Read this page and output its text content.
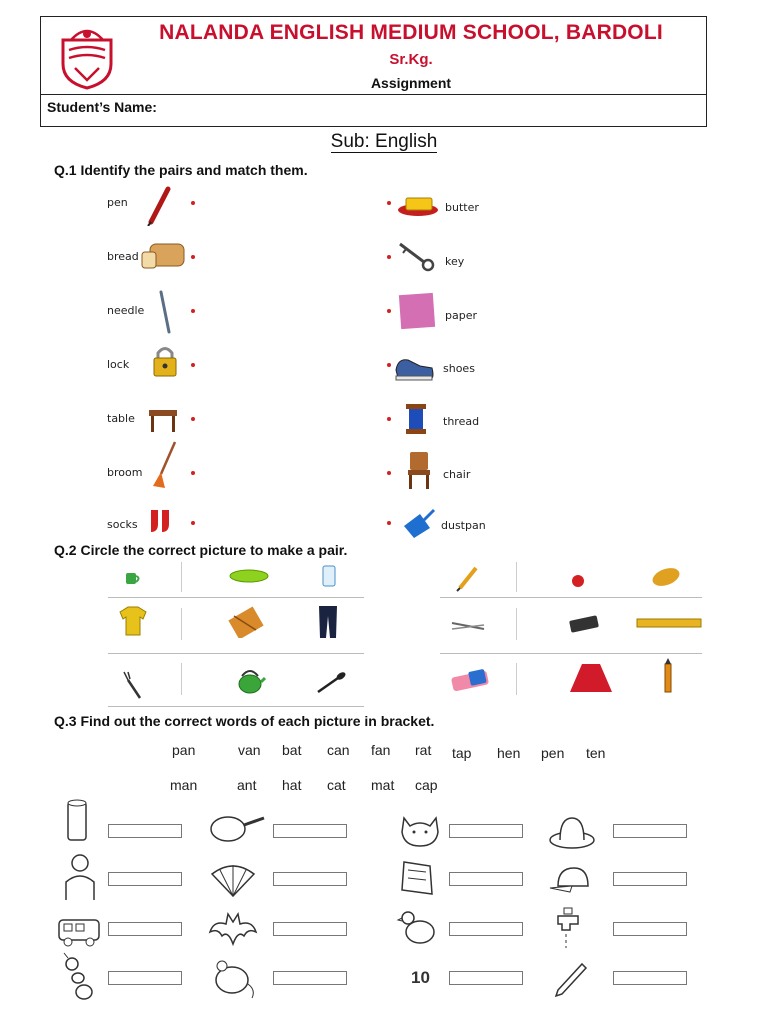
NALANDA ENGLISH MEDIUM SCHOOL, BARDOLI
Sr.Kg.
Assignment
Student’s Name:
Sub: English
Q.1 Identify the pairs and match them.
pen
bread
needle
lock
table
broom
socks
butter
key
paper
shoes
thread
chair
dustpan
Q.2 Circle the correct picture to make a pair.
Q.3 Find out the correct words of each picture in bracket.
pan	van bat can fan rat tap hen pen ten
man	ant hat cat mat cap
10
